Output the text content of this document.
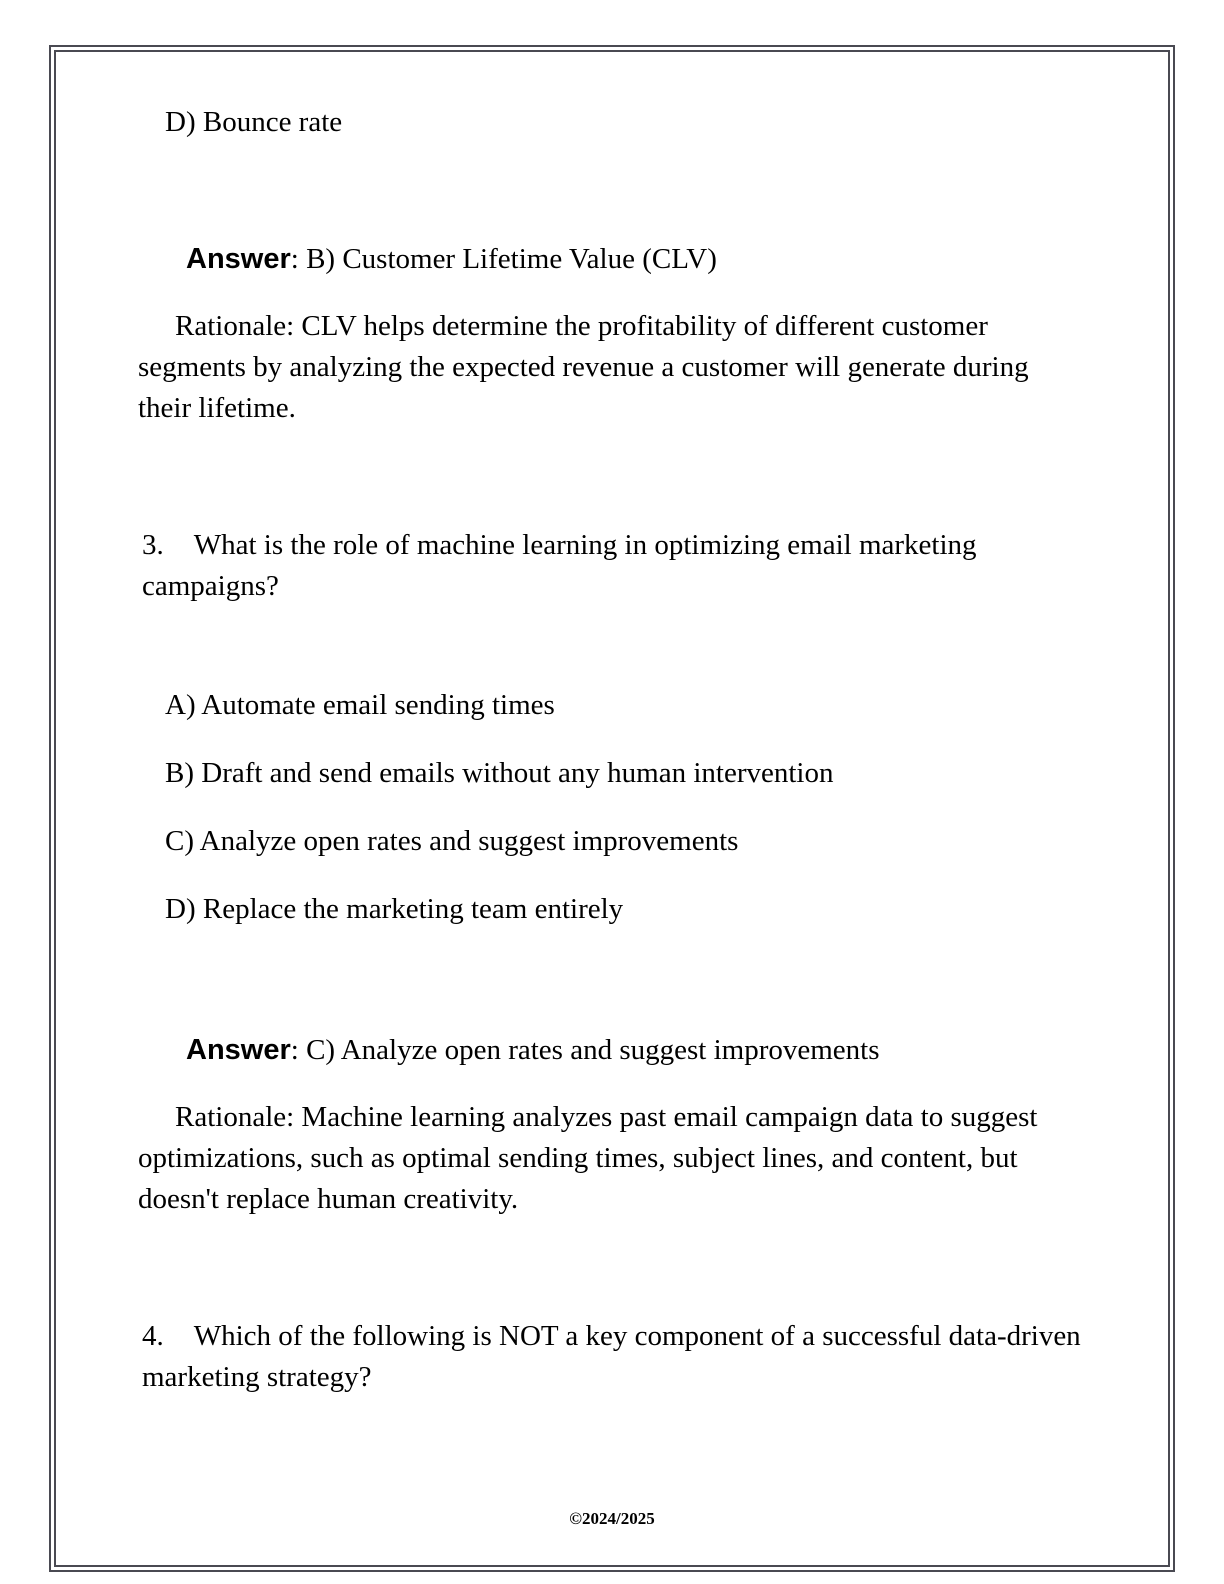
D) Bounce rate

Answer: B) Customer Lifetime Value (CLV)

Rationale: CLV helps determine the profitability of different customer segments by analyzing the expected revenue a customer will generate during their lifetime.

3. What is the role of machine learning in optimizing email marketing campaigns?

A) Automate email sending times

B) Draft and send emails without any human intervention

C) Analyze open rates and suggest improvements

D) Replace the marketing team entirely

Answer: C) Analyze open rates and suggest improvements

Rationale: Machine learning analyzes past email campaign data to suggest optimizations, such as optimal sending times, subject lines, and content, but doesn't replace human creativity.

4. Which of the following is NOT a key component of a successful data-driven marketing strategy?

©2024/2025
